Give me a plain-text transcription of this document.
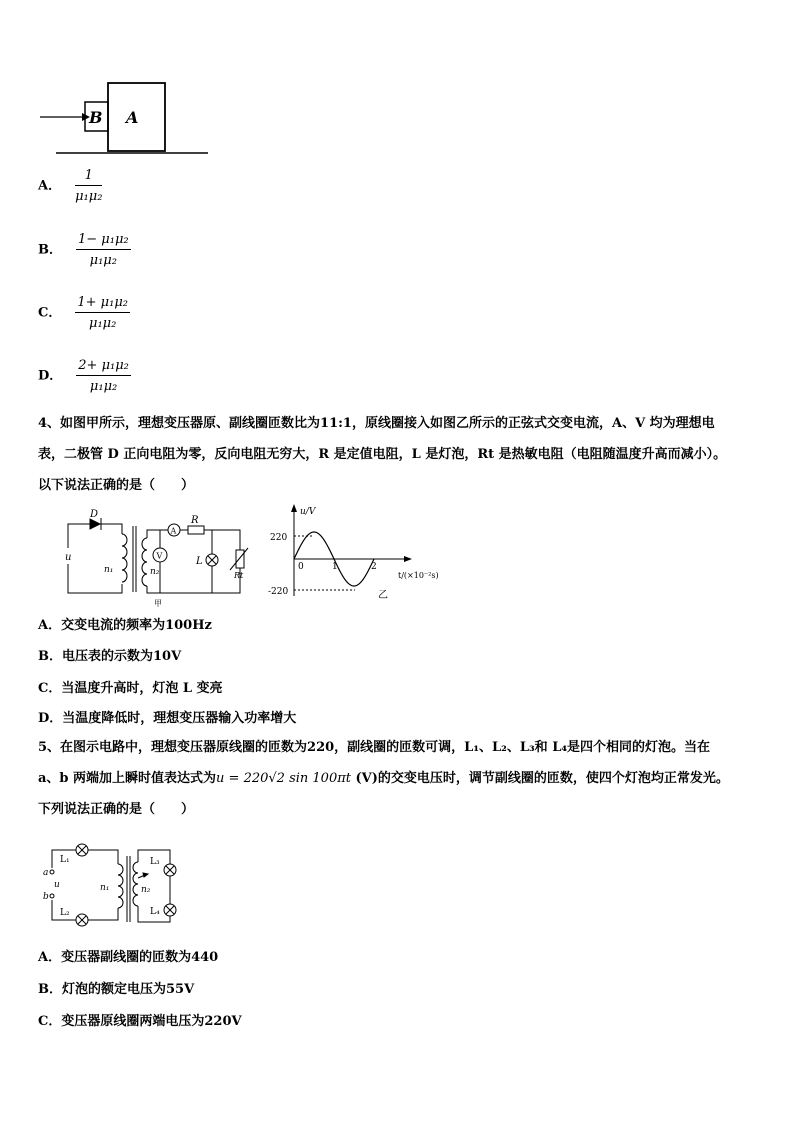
B A
A． $\frac{1}{\text{μ₁μ₂}}$
B． $\frac{\text{1− μ₁μ₂}}{\text{μ₁μ₂}}$
C． $\frac{\text{1+ μ₁μ₂}}{\text{μ₁μ₂}}$
D． $\frac{\text{2+ μ₁μ₂}}{\text{μ₁μ₂}}$
4、如图甲所示，理想变压器原、副线圈匝数比为11:1，原线圈接入如图乙所示的正弦式交变电流，A、V 均为理想电
表，二极管 D 正向电阻为零，反向电阻无穷大，R 是定值电阻，L 是灯泡，Rt 是热敏电阻（电阻随温度升高而减小）。
以下说法正确的是（　　）
D
u
n₁	n₂
A
V
R
L
Rt
甲
u/V
220
-220
0	1	2
t/(×10⁻²s)
乙
A．交变电流的频率为100Hz
B．电压表的示数为10V
C．当温度升高时，灯泡 L 变亮
D．当温度降低时，理想变压器输入功率增大
5、在图示电路中，理想变压器原线圈的匝数为220，副线圈的匝数可调，L₁、L₂、L₃和 L₄是四个相同的灯泡。当在
a、b 两端加上瞬时值表达式为u = 220√2 sin 100πt (V)的交变电压时，调节副线圈的匝数，使四个灯泡均正常发光。
下列说法正确的是（　　）
L₁
L₂
L₃
L₄
a
u
b
n₁	n₂
A．变压器副线圈的匝数为440
B．灯泡的额定电压为55V
C．变压器原线圈两端电压为220V
